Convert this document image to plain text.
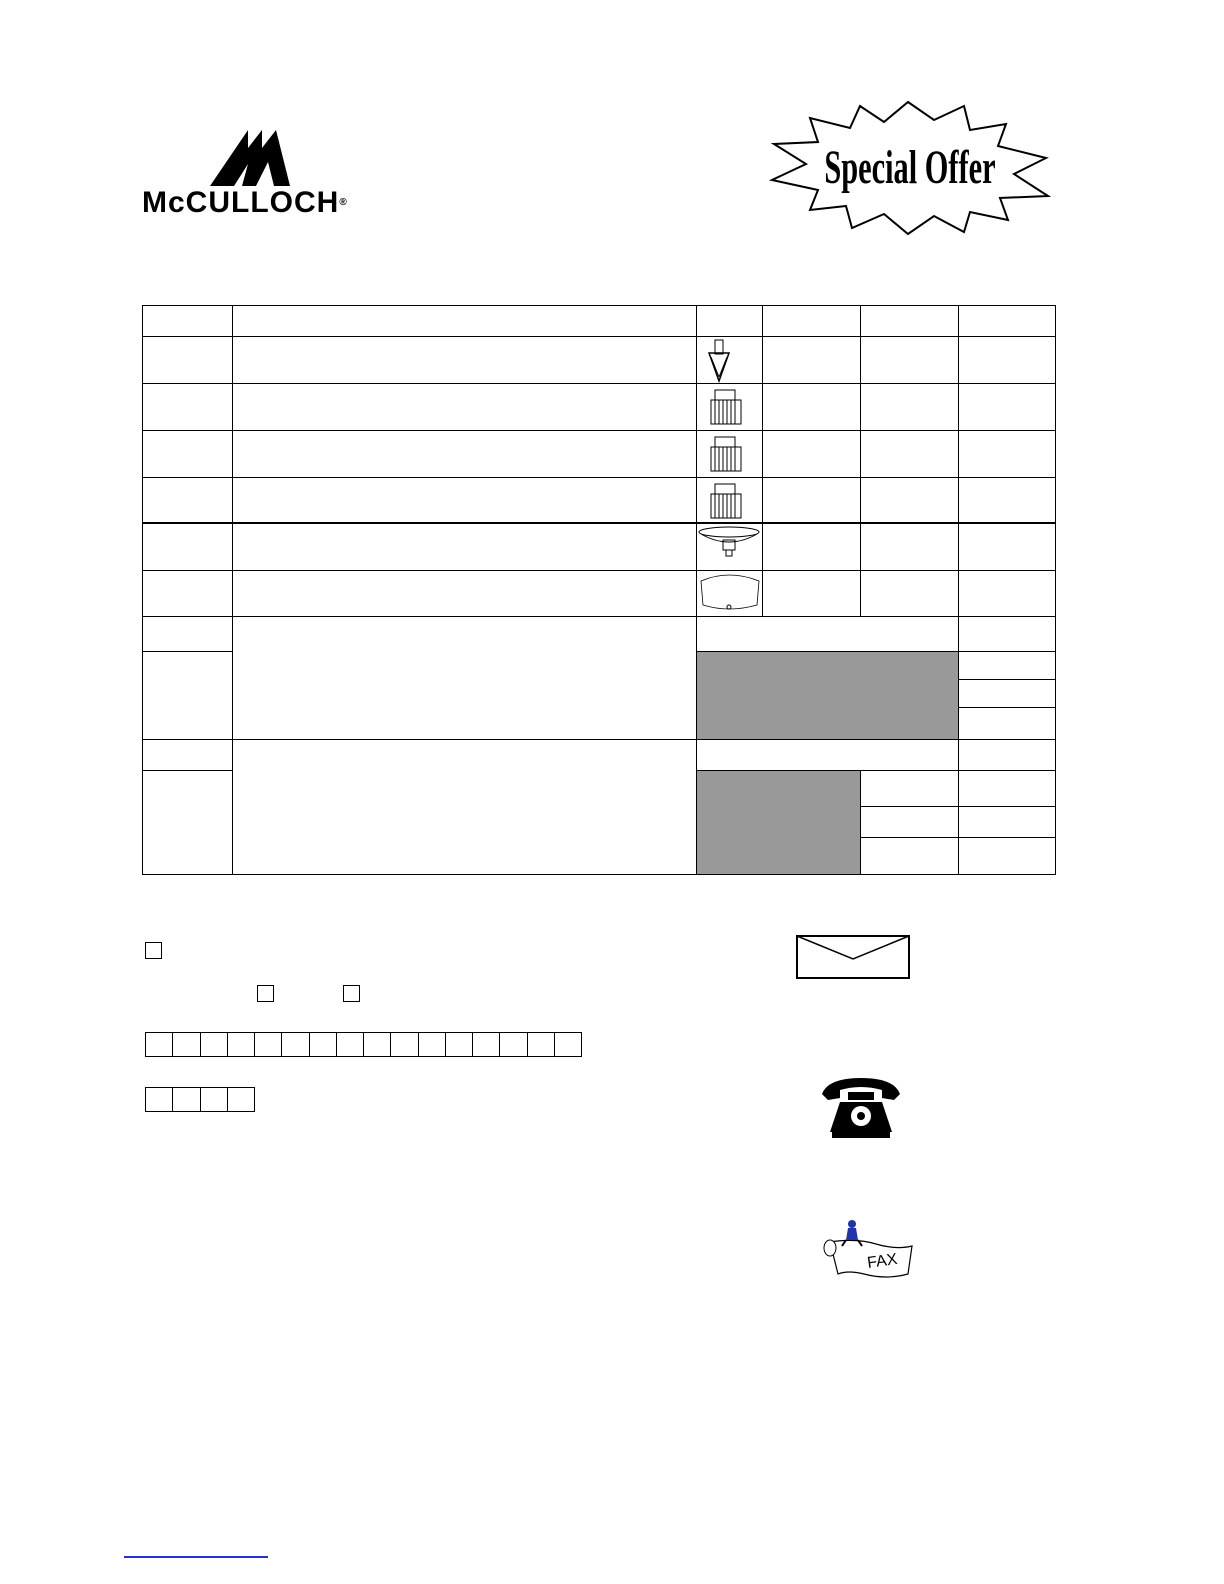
McCULLOCH®
Special Offer
FAX
